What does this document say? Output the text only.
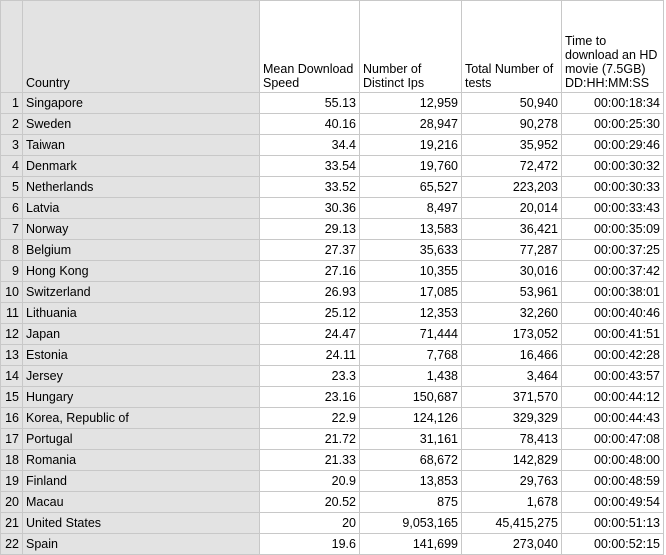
	Country	Mean Download Speed	Number of Distinct Ips	Total Number of tests	Time to download an HD movie (7.5GB) DD:HH:MM:SS
1	Singapore	55.13	12,959	50,940	00:00:18:34
2	Sweden	40.16	28,947	90,278	00:00:25:30
3	Taiwan	34.4	19,216	35,952	00:00:29:46
4	Denmark	33.54	19,760	72,472	00:00:30:32
5	Netherlands	33.52	65,527	223,203	00:00:30:33
6	Latvia	30.36	8,497	20,014	00:00:33:43
7	Norway	29.13	13,583	36,421	00:00:35:09
8	Belgium	27.37	35,633	77,287	00:00:37:25
9	Hong Kong	27.16	10,355	30,016	00:00:37:42
10	Switzerland	26.93	17,085	53,961	00:00:38:01
11	Lithuania	25.12	12,353	32,260	00:00:40:46
12	Japan	24.47	71,444	173,052	00:00:41:51
13	Estonia	24.11	7,768	16,466	00:00:42:28
14	Jersey	23.3	1,438	3,464	00:00:43:57
15	Hungary	23.16	150,687	371,570	00:00:44:12
16	Korea, Republic of	22.9	124,126	329,329	00:00:44:43
17	Portugal	21.72	31,161	78,413	00:00:47:08
18	Romania	21.33	68,672	142,829	00:00:48:00
19	Finland	20.9	13,853	29,763	00:00:48:59
20	Macau	20.52	875	1,678	00:00:49:54
21	United States	20	9,053,165	45,415,275	00:00:51:13
22	Spain	19.6	141,699	273,040	00:00:52:15
